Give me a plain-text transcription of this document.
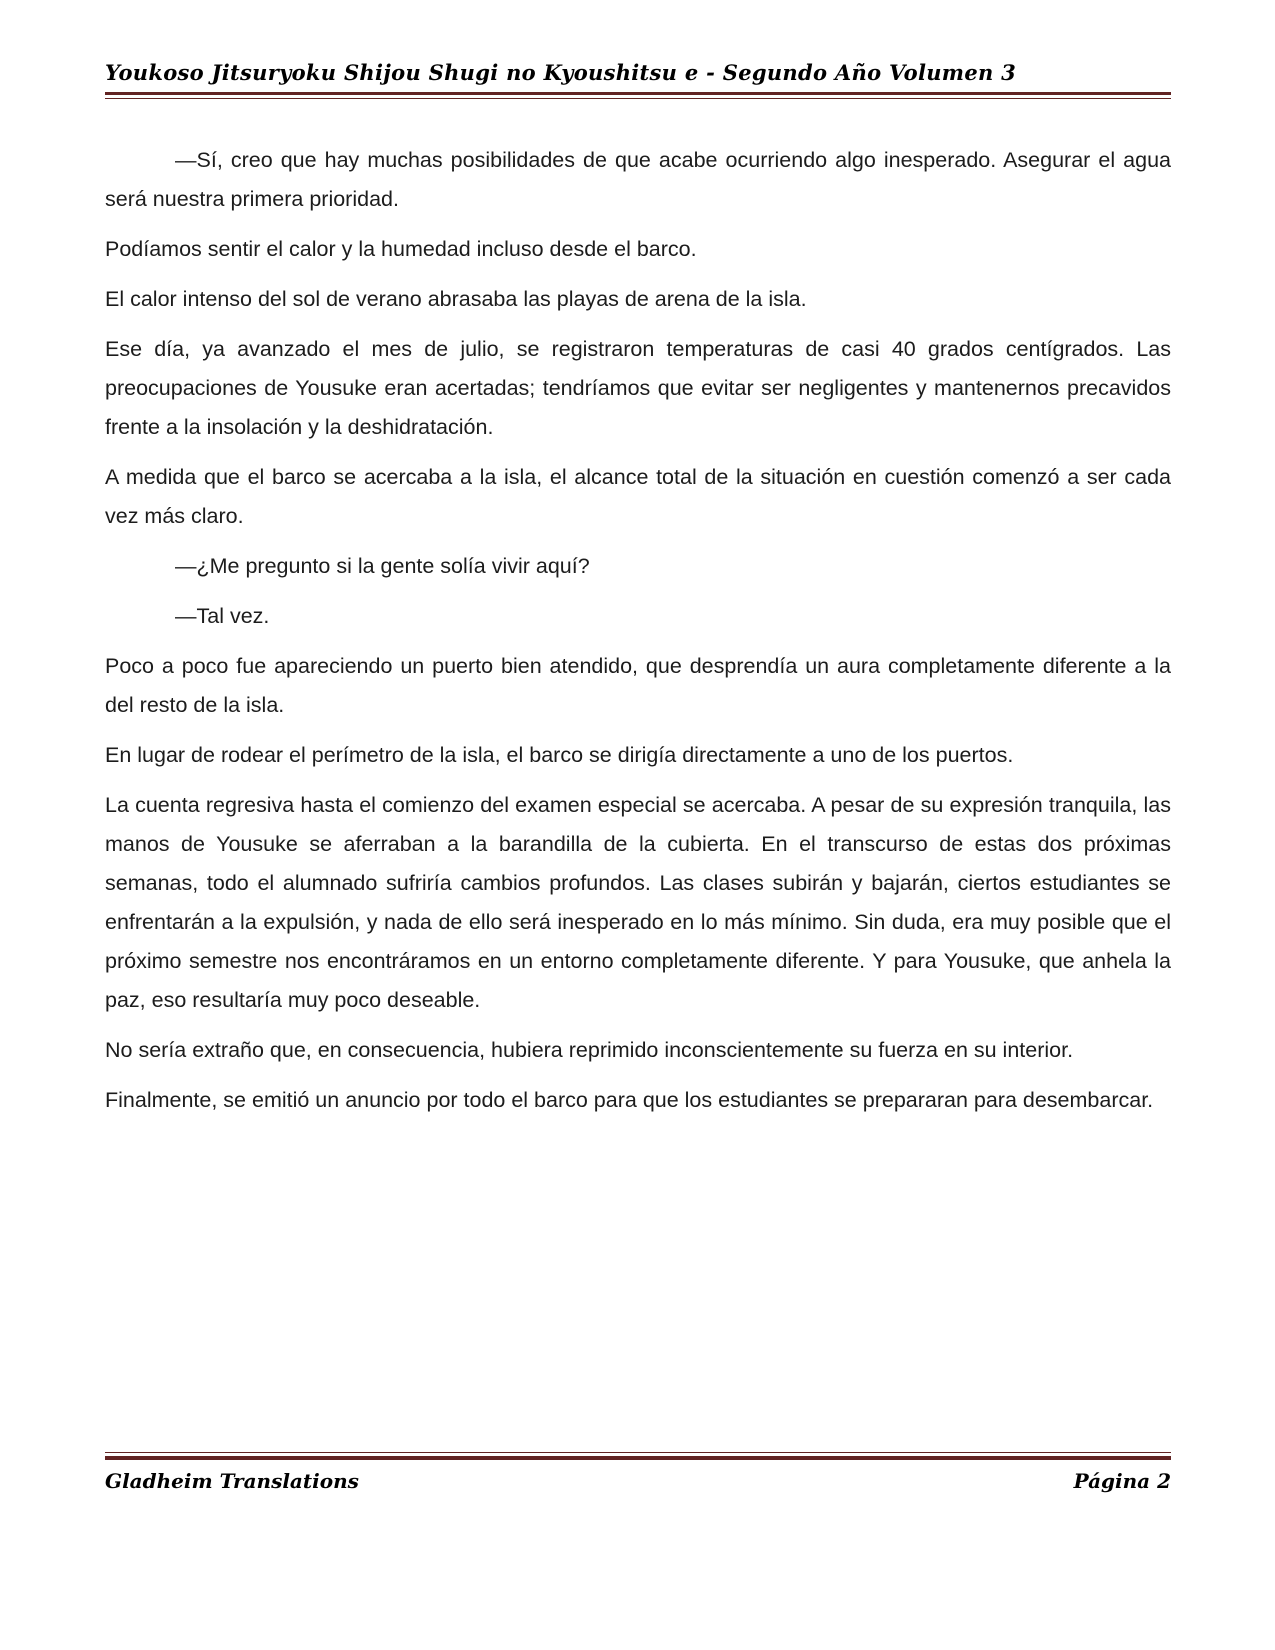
Youkoso Jitsuryoku Shijou Shugi no Kyoushitsu e - Segundo Año Volumen 3

—Sí, creo que hay muchas posibilidades de que acabe ocurriendo algo inesperado. Asegurar el agua será nuestra primera prioridad.

Podíamos sentir el calor y la humedad incluso desde el barco.

El calor intenso del sol de verano abrasaba las playas de arena de la isla.

Ese día, ya avanzado el mes de julio, se registraron temperaturas de casi 40 grados centígrados. Las preocupaciones de Yousuke eran acertadas; tendríamos que evitar ser negligentes y mantenernos precavidos frente a la insolación y la deshidratación.

A medida que el barco se acercaba a la isla, el alcance total de la situación en cuestión comenzó a ser cada vez más claro.

—¿Me pregunto si la gente solía vivir aquí?

—Tal vez.

Poco a poco fue apareciendo un puerto bien atendido, que desprendía un aura completamente diferente a la del resto de la isla.

En lugar de rodear el perímetro de la isla, el barco se dirigía directamente a uno de los puertos.

La cuenta regresiva hasta el comienzo del examen especial se acercaba. A pesar de su expresión tranquila, las manos de Yousuke se aferraban a la barandilla de la cubierta. En el transcurso de estas dos próximas semanas, todo el alumnado sufriría cambios profundos. Las clases subirán y bajarán, ciertos estudiantes se enfrentarán a la expulsión, y nada de ello será inesperado en lo más mínimo. Sin duda, era muy posible que el próximo semestre nos encontráramos en un entorno completamente diferente. Y para Yousuke, que anhela la paz, eso resultaría muy poco deseable.

No sería extraño que, en consecuencia, hubiera reprimido inconscientemente su fuerza en su interior.

Finalmente, se emitió un anuncio por todo el barco para que los estudiantes se prepararan para desembarcar.

Gladheim Translations	Página 2
